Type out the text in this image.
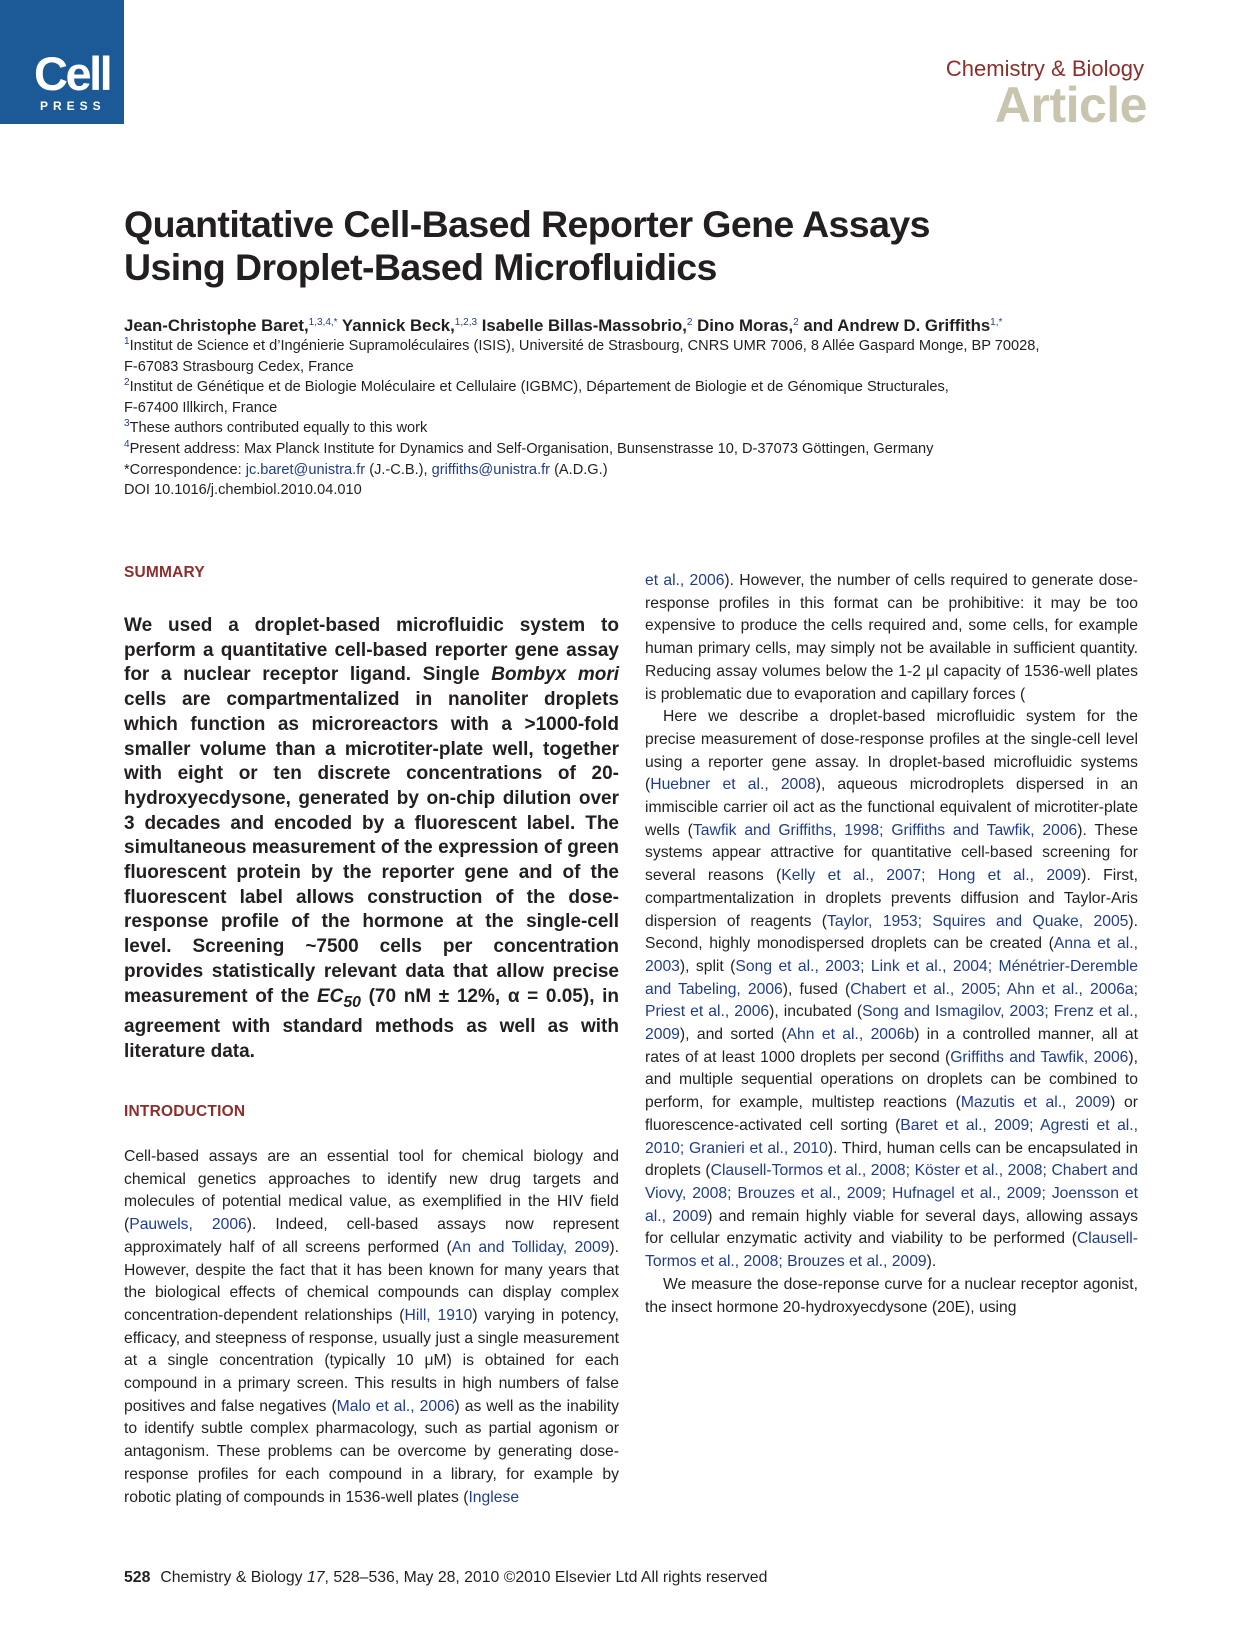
Cell
PRESS
Chemistry & Biology
Article
Quantitative Cell-Based Reporter Gene Assays
Using Droplet-Based Microfluidics
Jean-Christophe Baret,$^{1,3,4,*}$ Yannick Beck,$^{1,2,3}$ Isabelle Billas-Massobrio,$^2$ Dino Moras,$^2$ and Andrew D. Griffiths$^{1,*}$
$^1$Institut de Science et d’Ingénierie Supramoléculaires (ISIS), Université de Strasbourg, CNRS UMR 7006, 8 Allée Gaspard Monge, BP 70028,
F-67083 Strasbourg Cedex, France
$^2$Institut de Génétique et de Biologie Moléculaire et Cellulaire (IGBMC), Département de Biologie et de Génomique Structurales,
F-67400 Illkirch, France
$^3$These authors contributed equally to this work
$^4$Present address: Max Planck Institute for Dynamics and Self-Organisation, Bunsenstrasse 10, D-37073 Göttingen, Germany
*Correspondence: jc.baret@unistra.fr (J.-C.B.), griffiths@unistra.fr (A.D.G.)
DOI 10.1016/j.chembiol.2010.04.010
SUMMARY

We used a droplet-based microfluidic system to perform a quantitative cell-based reporter gene assay for a nuclear receptor ligand. Single Bombyx mori cells are compartmentalized in nanoliter droplets which function as microreactors with a >1000-fold smaller volume than a microtiter-plate well, together with eight or ten discrete concentrations of 20-hydroxyecdysone, generated by on-chip dilution over 3 decades and encoded by a fluorescent label. The simultaneous measurement of the expression of green fluorescent protein by the reporter gene and of the fluorescent label allows construction of the dose-response profile of the hormone at the single-cell level. Screening ~7500 cells per concentration provides statistically relevant data that allow precise measurement of the $EC_{50}$ (70 nM ± 12%, α = 0.05), in agreement with standard methods as well as with literature data.

INTRODUCTION

Cell-based assays are an essential tool for chemical biology and chemical genetics approaches to identify new drug targets and molecules of potential medical value, as exemplified in the HIV field (Pauwels, 2006). Indeed, cell-based assays now represent approximately half of all screens performed (An and Tolliday, 2009). However, despite the fact that it has been known for many years that the biological effects of chemical compounds can display complex concentration-dependent relationships (Hill, 1910) varying in potency, efficacy, and steepness of response, usually just a single measurement at a single concentration (typically 10 μM) is obtained for each compound in a primary screen. This results in high numbers of false positives and false negatives (Malo et al., 2006) as well as the inability to identify subtle complex pharmacology, such as partial agonism or antagonism. These problems can be overcome by generating dose-response profiles for each compound in a library, for example by robotic plating of compounds in 1536-well plates (Inglese

et al., 2006). However, the number of cells required to generate dose-response profiles in this format can be prohibitive: it may be too expensive to produce the cells required and, some cells, for example human primary cells, may simply not be available in sufficient quantity. Reducing assay volumes below the 1-2 μl capacity of 1536-well plates is problematic due to evaporation and capillary forces (

Here we describe a droplet-based microfluidic system for the precise measurement of dose-response profiles at the single-cell level using a reporter gene assay. In droplet-based microfluidic systems (Huebner et al., 2008), aqueous microdroplets dispersed in an immiscible carrier oil act as the functional equivalent of microtiter-plate wells (Tawfik and Griffiths, 1998; Griffiths and Tawfik, 2006). These systems appear attractive for quantitative cell-based screening for several reasons (Kelly et al., 2007; Hong et al., 2009). First, compartmentalization in droplets prevents diffusion and Taylor-Aris dispersion of reagents (Taylor, 1953; Squires and Quake, 2005). Second, highly monodispersed droplets can be created (Anna et al., 2003), split (Song et al., 2003; Link et al., 2004; Ménétrier-Deremble and Tabeling, 2006), fused (Chabert et al., 2005; Ahn et al., 2006a; Priest et al., 2006), incubated (Song and Ismagilov, 2003; Frenz et al., 2009), and sorted (Ahn et al., 2006b) in a controlled manner, all at rates of at least 1000 droplets per second (Griffiths and Tawfik, 2006), and multiple sequential operations on droplets can be combined to perform, for example, multistep reactions (Mazutis et al., 2009) or fluorescence-activated cell sorting (Baret et al., 2009; Agresti et al., 2010; Granieri et al., 2010). Third, human cells can be encapsulated in droplets (Clausell-Tormos et al., 2008; Köster et al., 2008; Chabert and Viovy, 2008; Brouzes et al., 2009; Hufnagel et al., 2009; Joensson et al., 2009) and remain highly viable for several days, allowing assays for cellular enzymatic activity and viability to be performed (Clausell-Tormos et al., 2008; Brouzes et al., 2009).

We measure the dose-reponse curve for a nuclear receptor agonist, the insect hormone 20-hydroxyecdysone (20E), using

528 Chemistry & Biology 17, 528–536, May 28, 2010 ©2010 Elsevier Ltd All rights reserved
